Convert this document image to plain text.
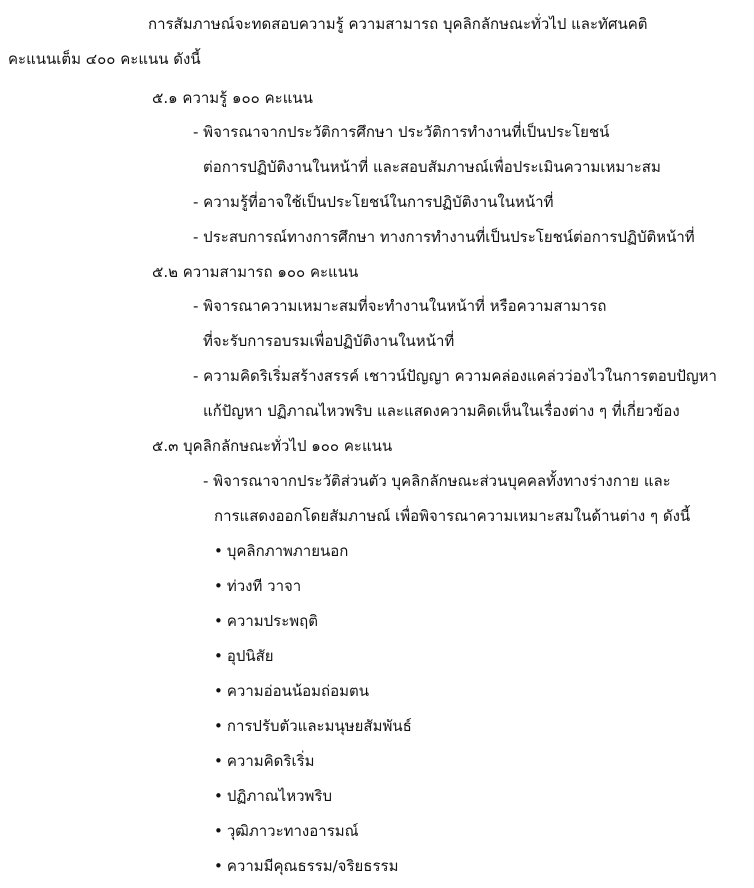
การสัมภาษณ์จะทดสอบความรู้ ความสามารถ บุคลิกลักษณะทั่วไป และทัศนคติ
คะแนนเต็ม ๔๐๐ คะแนน ดังนี้
๕.๑ ความรู้ ๑๐๐ คะแนน
- พิจารณาจากประวัติการศึกษา ประวัติการทำงานที่เป็นประโยชน์
ต่อการปฏิบัติงานในหน้าที่ และสอบสัมภาษณ์เพื่อประเมินความเหมาะสม
- ความรู้ที่อาจใช้เป็นประโยชน์ในการปฏิบัติงานในหน้าที่
- ประสบการณ์ทางการศึกษา ทางการทำงานที่เป็นประโยชน์ต่อการปฏิบัติหน้าที่
๕.๒ ความสามารถ ๑๐๐ คะแนน
- พิจารณาความเหมาะสมที่จะทำงานในหน้าที่ หรือความสามารถ
ที่จะรับการอบรมเพื่อปฏิบัติงานในหน้าที่
- ความคิดริเริ่มสร้างสรรค์ เชาวน์ปัญญา ความคล่องแคล่วว่องไวในการตอบปัญหา
แก้ปัญหา ปฏิภาณไหวพริบ และแสดงความคิดเห็นในเรื่องต่าง ๆ ที่เกี่ยวข้อง
๕.๓ บุคลิกลักษณะทั่วไป ๑๐๐ คะแนน
- พิจารณาจากประวัติส่วนตัว บุคลิกลักษณะส่วนบุคคลทั้งทางร่างกาย และ
การแสดงออกโดยสัมภาษณ์ เพื่อพิจารณาความเหมาะสมในด้านต่าง ๆ ดังนี้
• บุคลิกภาพภายนอก
• ท่วงที วาจา
• ความประพฤติ
• อุปนิสัย
• ความอ่อนน้อมถ่อมตน
• การปรับตัวและมนุษยสัมพันธ์
• ความคิดริเริ่ม
• ปฏิภาณไหวพริบ
• วุฒิภาวะทางอารมณ์
• ความมีคุณธรรม/จริยธรรม
